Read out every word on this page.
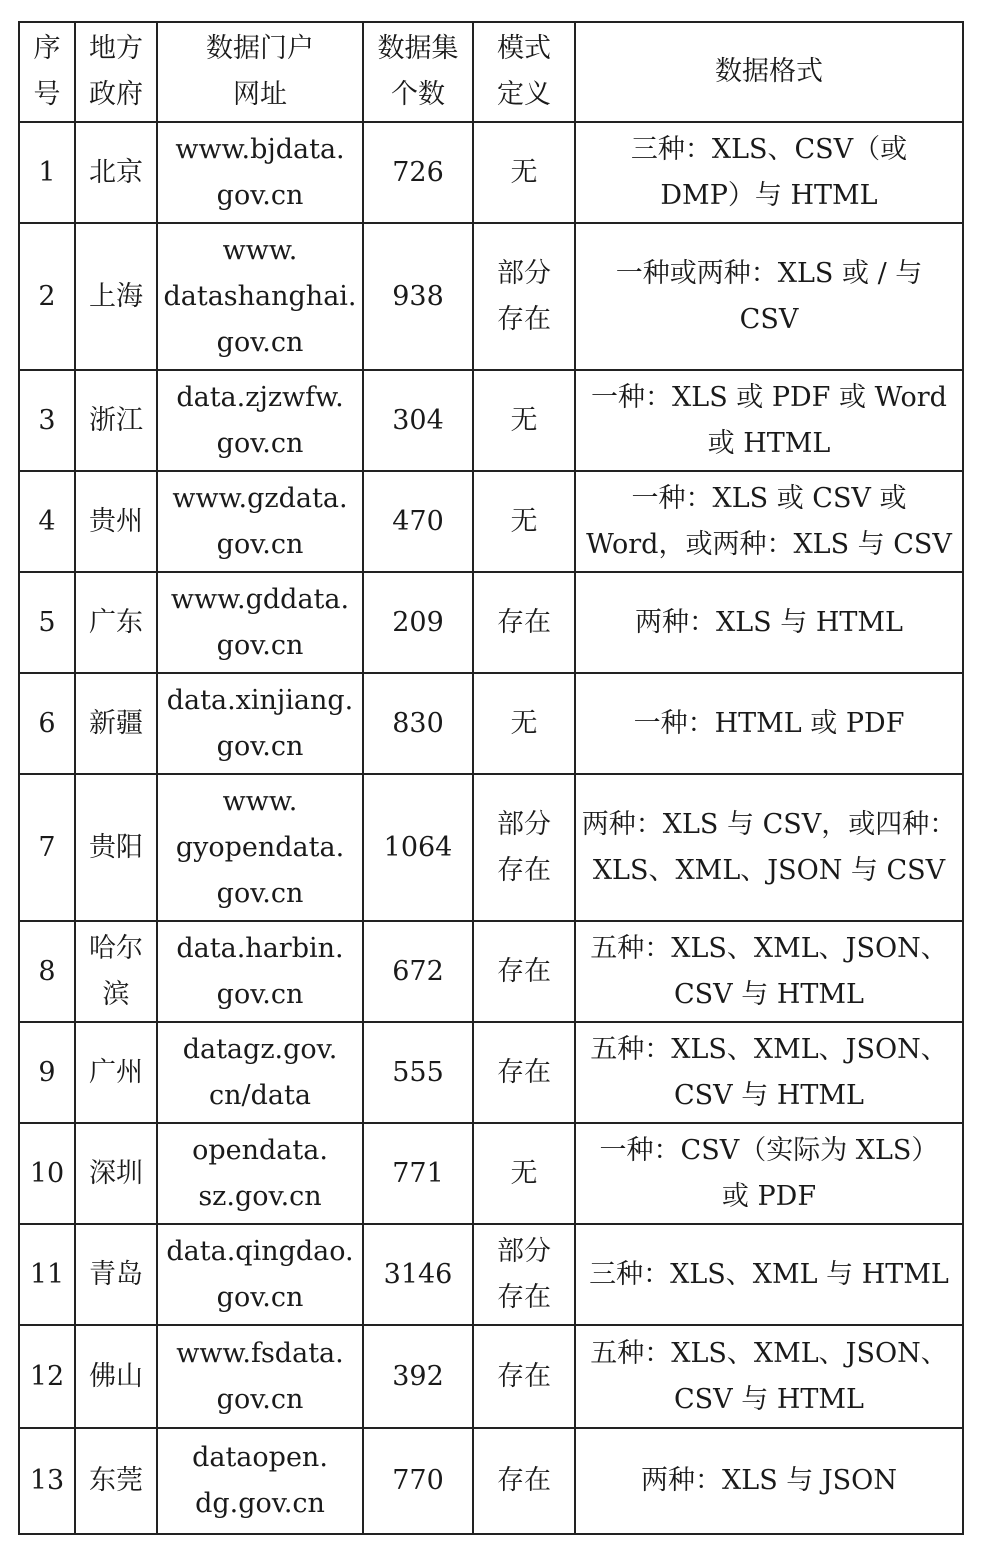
序
号	地方
政府	数据门户
网址	数据集
个数	模式
定义	数据格式

1	北京	www.bjdata.
gov.cn	726	无	三种：XLS、CSV（或
DMP）与 HTML

2	上海	www.
datashanghai.
gov.cn	938	部分
存在	一种或两种：XLS 或 / 与
CSV

3	浙江	data.zjzwfw.
gov.cn	304	无	一种：XLS 或 PDF 或 Word
或 HTML

4	贵州	www.gzdata.
gov.cn	470	无	一种：XLS 或 CSV 或
Word，或两种：XLS 与 CSV

5	广东	www.gddata.
gov.cn	209	存在	两种：XLS 与 HTML

6	新疆	data.xinjiang.
gov.cn	830	无	一种：HTML 或 PDF

7	贵阳	www.
gyopendata.
gov.cn	1064	部分
存在	两种：XLS 与 CSV，或四种：
XLS、XML、JSON 与 CSV

8	哈尔
滨	data.harbin.
gov.cn	672	存在	五种：XLS、XML、JSON、
CSV 与 HTML

9	广州	datagz.gov.
cn/data	555	存在	五种：XLS、XML、JSON、
CSV 与 HTML

10	深圳	opendata.
sz.gov.cn	771	无	一种：CSV（实际为 XLS）
或 PDF

11	青岛	data.qingdao.
gov.cn	3146	部分
存在	三种：XLS、XML 与 HTML

12	佛山	www.fsdata.
gov.cn	392	存在	五种：XLS、XML、JSON、
CSV 与 HTML

13	东莞	dataopen.
dg.gov.cn	770	存在	两种：XLS 与 JSON
